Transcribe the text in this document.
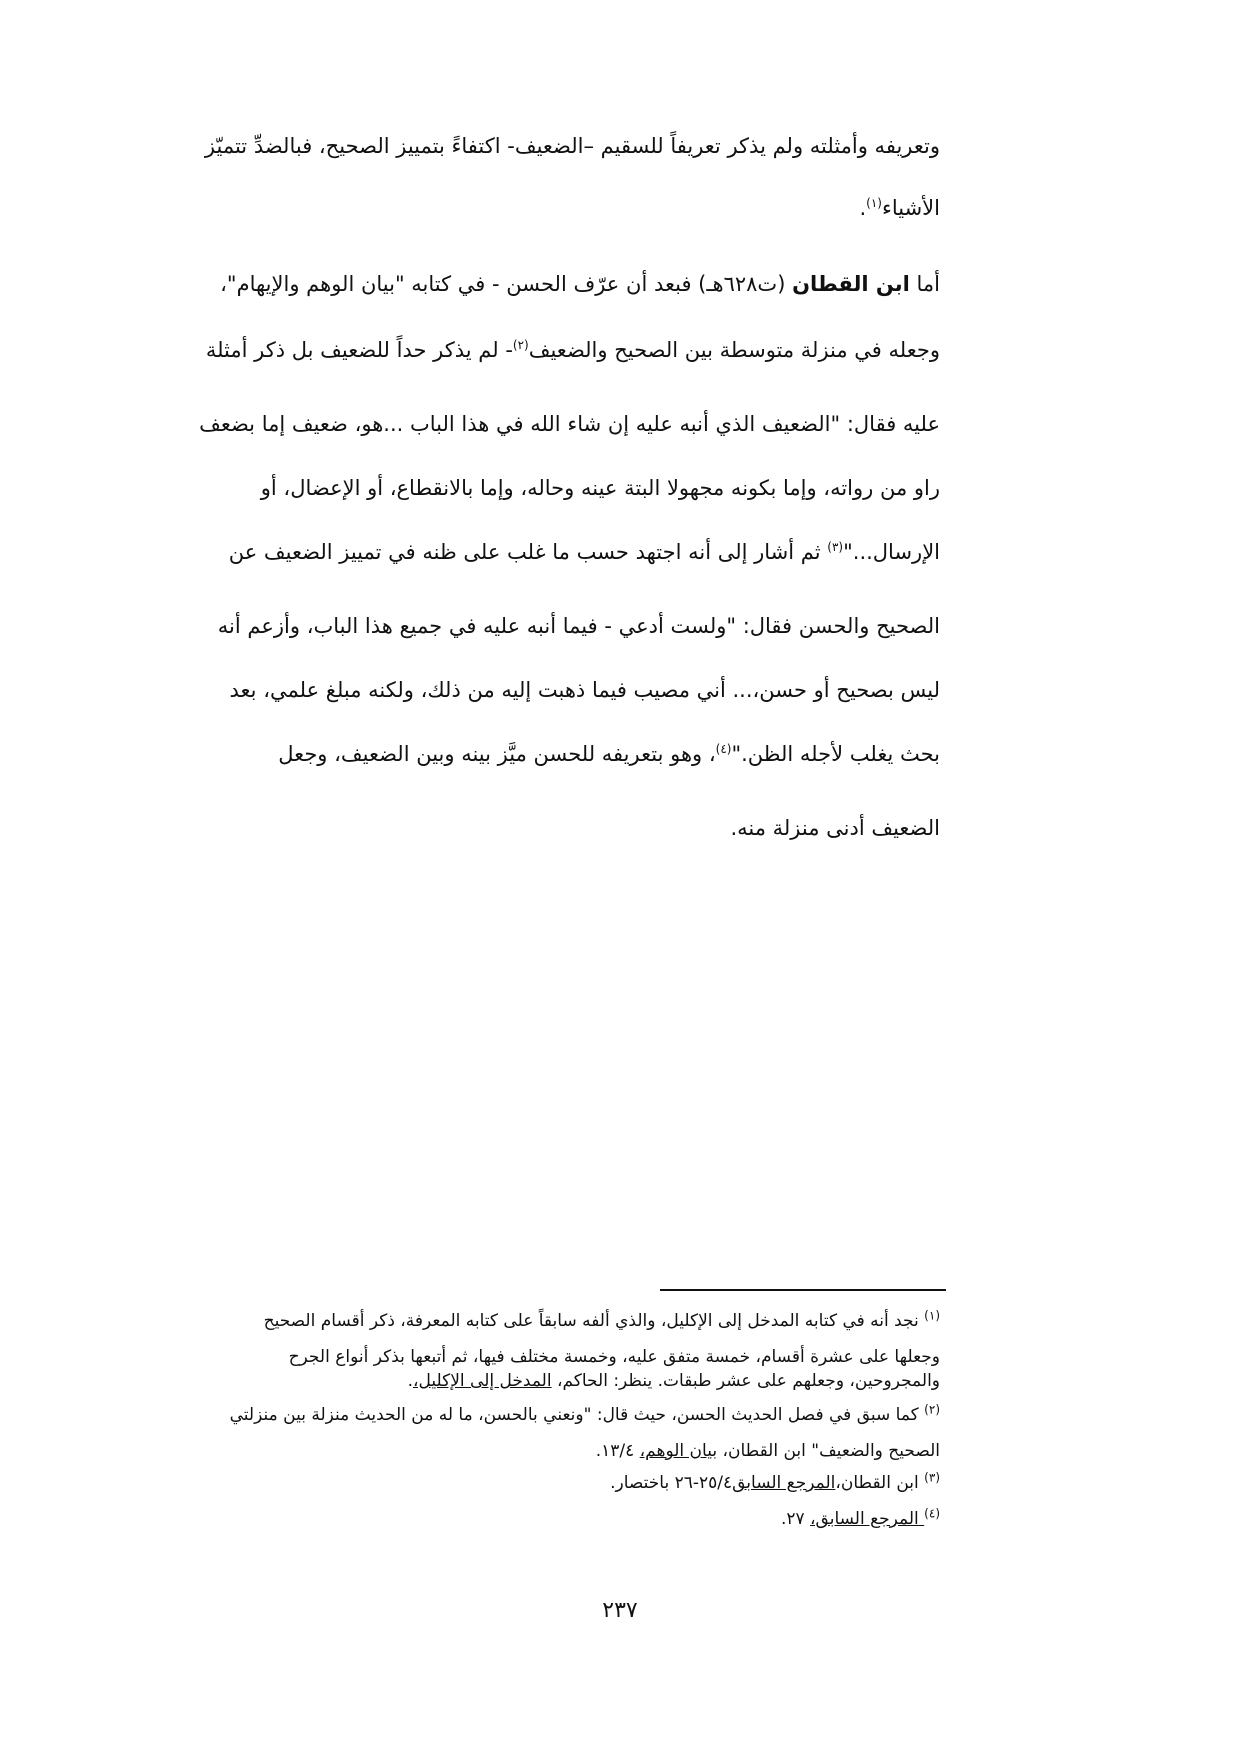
وتعريفه وأمثلته ولم يذكر تعريفاً للسقيم –الضعيف- اكتفاءً بتمييز الصحيح، فبالضدِّ تتميّز
الأشياء$^{(١)}$.
أما ابن القطان (ت٦٢٨هـ) فبعد أن عرّف الحسن - في كتابه "بيان الوهم والإيهام"،
وجعله في منزلة متوسطة بين الصحيح والضعيف$^{(٢)}$- لم يذكر حداً للضعيف بل ذكر أمثلة
عليه فقال: "الضعيف الذي أنبه عليه إن شاء الله في هذا الباب ...هو، ضعيف إما بضعف
راو من رواته، وإما بكونه مجهولا البتة عينه وحاله، وإما بالانقطاع، أو الإعضال، أو
الإرسال..."$^{(٣)}$ ثم أشار إلى أنه اجتهد حسب ما غلب على ظنه في تمييز الضعيف عن
الصحيح والحسن فقال: "ولست أدعي - فيما أنبه عليه في جميع هذا الباب، وأزعم أنه
ليس بصحيح أو حسن،... أني مصيب فيما ذهبت إليه من ذلك، ولكنه مبلغ علمي، بعد
بحث يغلب لأجله الظن."$^{(٤)}$، وهو بتعريفه للحسن ميَّز بينه وبين الضعيف، وجعل
الضعيف أدنى منزلة منه.
$^{(١)}$ نجد أنه في كتابه المدخل إلى الإكليل، والذي ألفه سابقاً على كتابه المعرفة، ذكر أقسام الصحيح
وجعلها على عشرة أقسام، خمسة متفق عليه، وخمسة مختلف فيها، ثم أتبعها بذكر أنواع الجرح
والمجروحين، وجعلهم على عشر طبقات. ينظر: الحاكم، المدخل إلى الإكليل،.
$^{(٢)}$ كما سبق في فصل الحديث الحسن، حيث قال: "ونعني بالحسن، ما له من الحديث منزلة بين منزلتي
الصحيح والضعيف" ابن القطان، بيان الوهم، ١٣/٤.
$^{(٣)}$ ابن القطان،المرجع السابق٢٥/٤-٢٦ باختصار.
$^{(٤)}$ المرجع السابق، ٢٧.
٢٣٧
